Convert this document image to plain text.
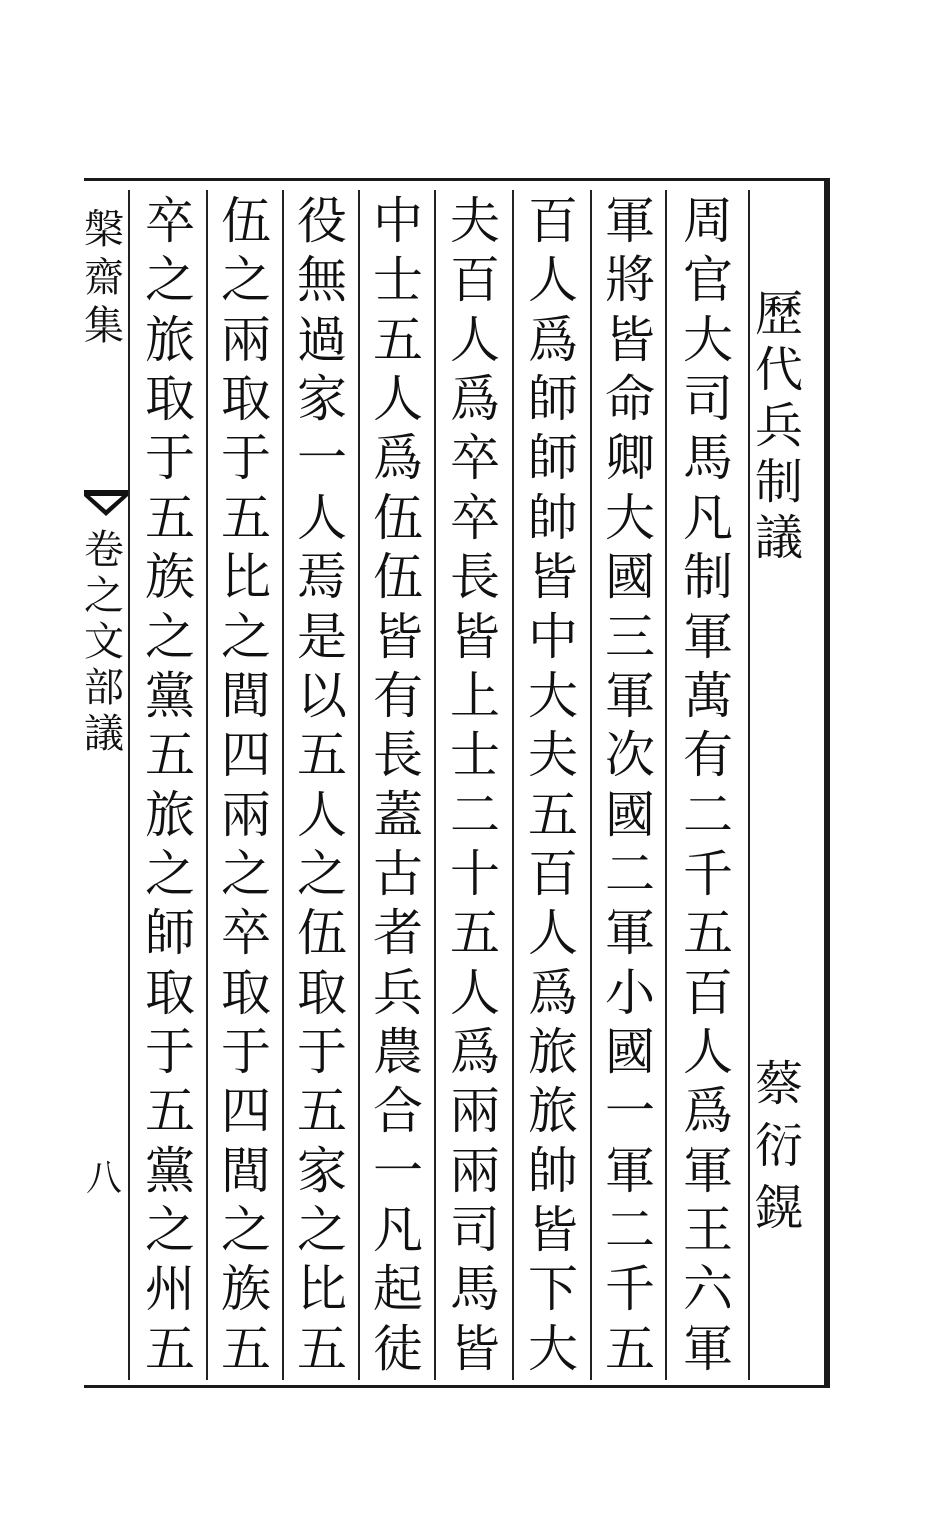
歷
代
兵
制
議
蔡
衍
鎤
周
官
大
司
馬
凡
制
軍
萬
有
二
千
五
百
人
爲
軍
王
六
軍
軍
將
皆
命
卿
大
國
三
軍
次
國
二
軍
小
國
一
軍
二
千
五
百
人
爲
師
師
帥
皆
中
大
夫
五
百
人
爲
旅
旅
帥
皆
下
大
夫
百
人
爲
卒
卒
長
皆
上
士
二
十
五
人
爲
兩
兩
司
馬
皆
中
士
五
人
爲
伍
伍
皆
有
長
蓋
古
者
兵
農
合
一
凡
起
徒
役
無
過
家
一
人
焉
是
以
五
人
之
伍
取
于
五
家
之
比
五
伍
之
兩
取
于
五
比
之
閭
四
兩
之
卒
取
于
四
閭
之
族
五
卒
之
旅
取
于
五
族
之
黨
五
旅
之
師
取
于
五
黨
之
州
五
槃
齋
集
卷
之
文
部
議
八
